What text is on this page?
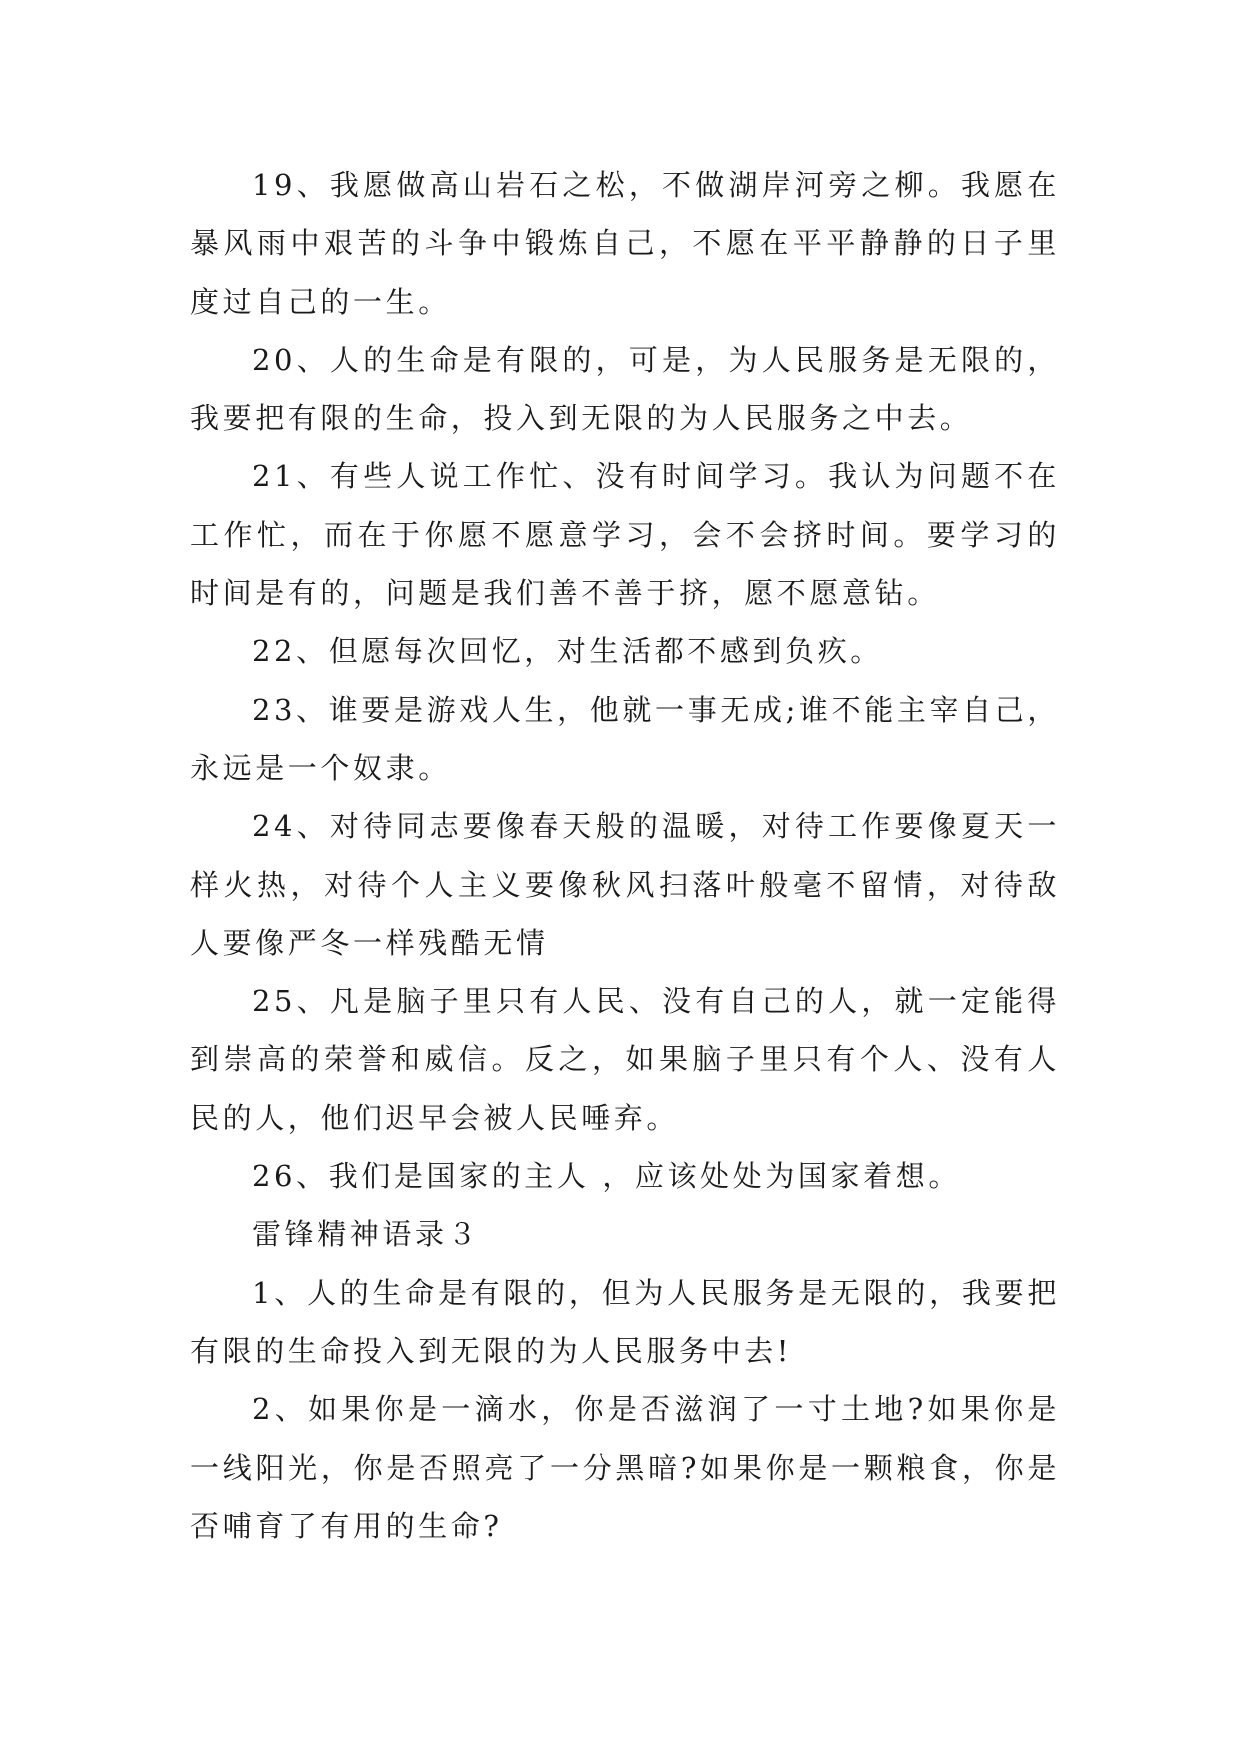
19、我愿做高山岩石之松，不做湖岸河旁之柳。我愿在暴风雨中艰苦的斗争中锻炼自己，不愿在平平静静的日子里度过自己的一生。

20、人的生命是有限的，可是，为人民服务是无限的，我要把有限的生命，投入到无限的为人民服务之中去。

21、有些人说工作忙、没有时间学习。我认为问题不在工作忙，而在于你愿不愿意学习，会不会挤时间。要学习的时间是有的，问题是我们善不善于挤，愿不愿意钻。

22、但愿每次回忆，对生活都不感到负疚。

23、谁要是游戏人生，他就一事无成;谁不能主宰自己，永远是一个奴隶。

24、对待同志要像春天般的温暖，对待工作要像夏天一样火热，对待个人主义要像秋风扫落叶般毫不留情，对待敌人要像严冬一样残酷无情

25、凡是脑子里只有人民、没有自己的人，就一定能得到崇高的荣誉和威信。反之，如果脑子里只有个人、没有人民的人，他们迟早会被人民唾弃。

26、我们是国家的主人 ，应该处处为国家着想。

雷锋精神语录３

1、人的生命是有限的，但为人民服务是无限的，我要把有限的生命投入到无限的为人民服务中去!

2、如果你是一滴水，你是否滋润了一寸土地?如果你是一线阳光，你是否照亮了一分黑暗?如果你是一颗粮食，你是否哺育了有用的生命?
